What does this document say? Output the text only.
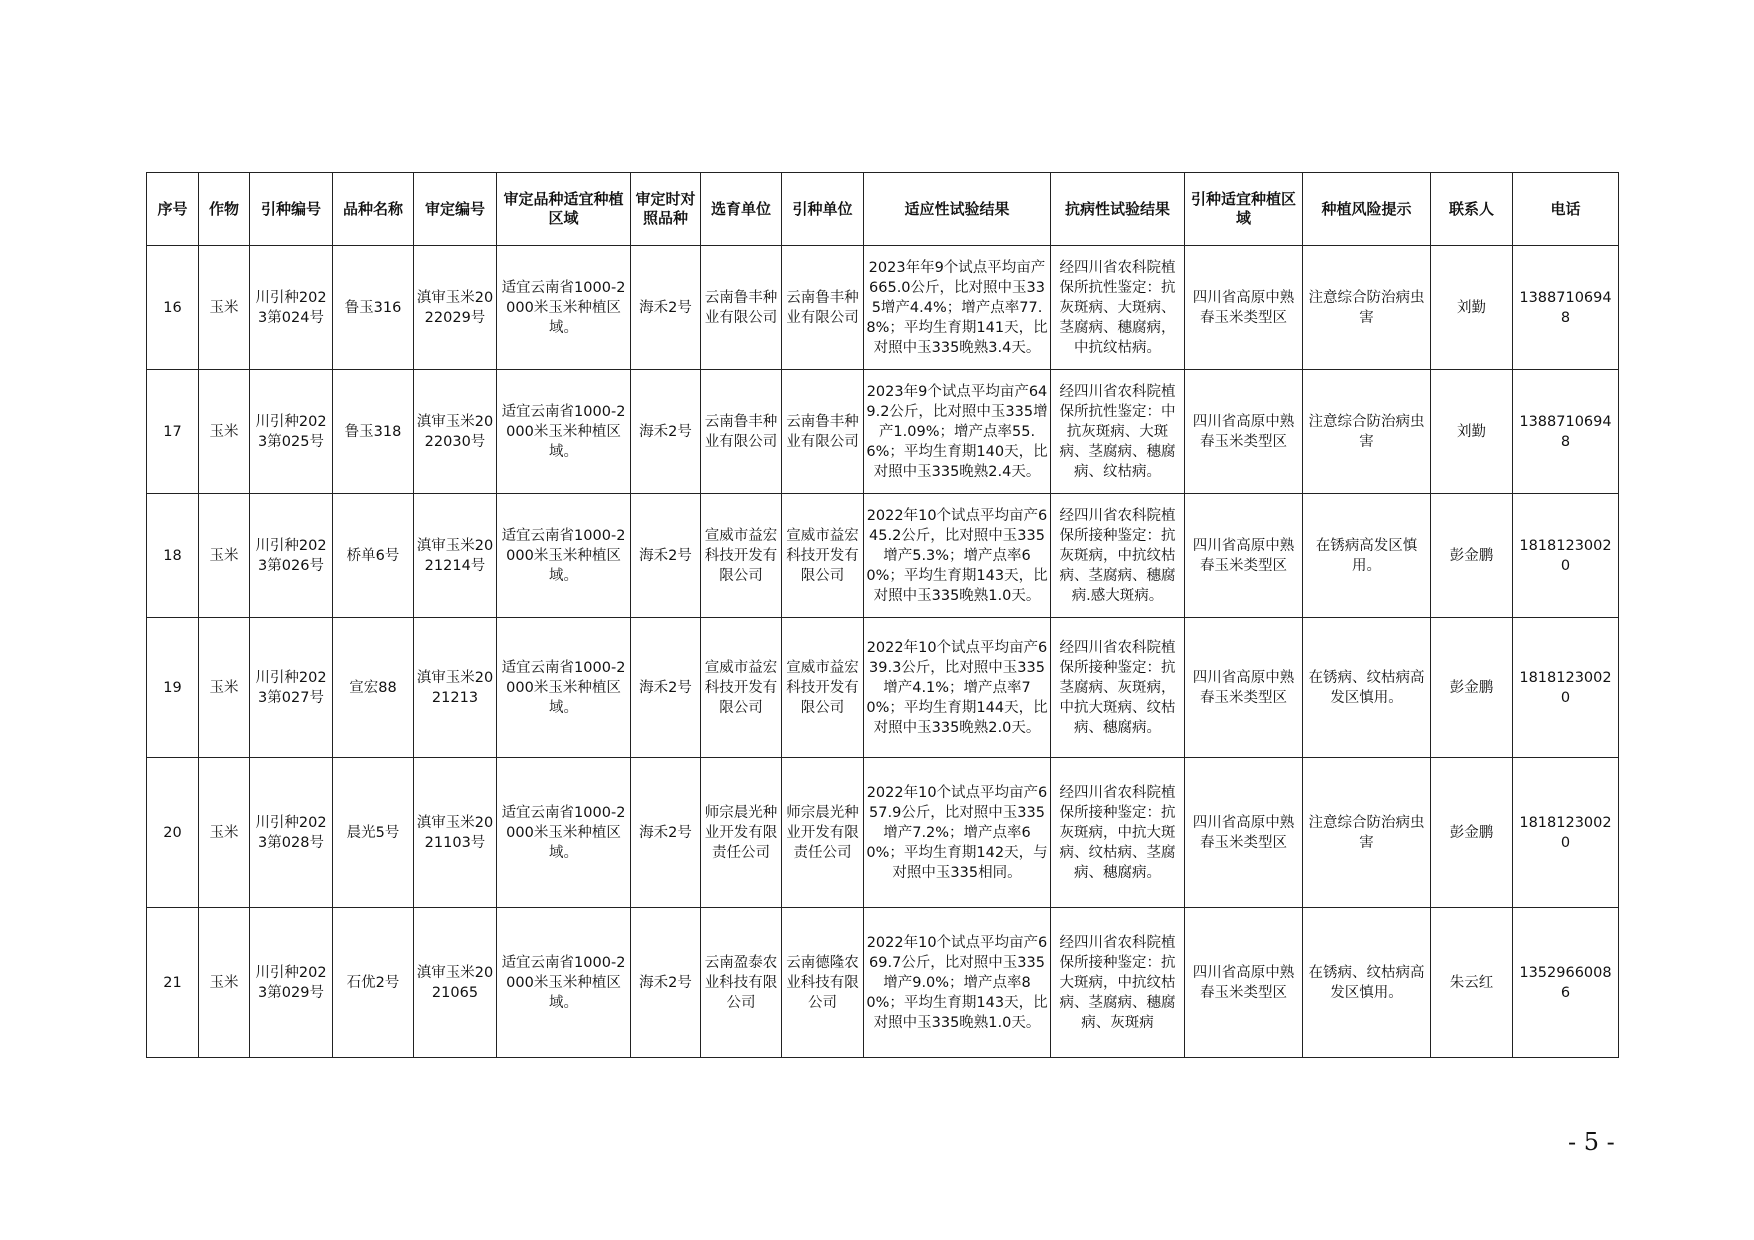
序号	作物	引种编号	品种名称	审定编号	审定品种适宜种植区域	审定时对照品种	选育单位	引种单位	适应性试验结果	抗病性试验结果	引种适宜种植区域	种植风险提示	联系人	电话
16	玉米	川引种2023第024号	鲁玉316	滇审玉米2022029号	适宜云南省1000-2000米玉米种植区域。	海禾2号	云南鲁丰种业有限公司	云南鲁丰种业有限公司	2023年年9个试点平均亩产665.0公斤，比对照中玉335增产4.4%；增产点率77.8%；平均生育期141天，比对照中玉335晚熟3.4天。	经四川省农科院植保所抗性鉴定：抗灰斑病、大斑病、茎腐病、穗腐病，中抗纹枯病。	四川省高原中熟春玉米类型区	注意综合防治病虫害	刘勤	13887106948
17	玉米	川引种2023第025号	鲁玉318	滇审玉米2022030号	适宜云南省1000-2000米玉米种植区域。	海禾2号	云南鲁丰种业有限公司	云南鲁丰种业有限公司	2023年9个试点平均亩产649.2公斤，比对照中玉335增产1.09%；增产点率55.6%；平均生育期140天，比对照中玉335晚熟2.4天。	经四川省农科院植保所抗性鉴定：中抗灰斑病、大斑病、茎腐病、穗腐病、纹枯病。	四川省高原中熟春玉米类型区	注意综合防治病虫害	刘勤	13887106948
18	玉米	川引种2023第026号	桥单6号	滇审玉米2021214号	适宜云南省1000-2000米玉米种植区域。	海禾2号	宣威市益宏科技开发有限公司	宣威市益宏科技开发有限公司	2022年10个试点平均亩产645.2公斤，比对照中玉335增产5.3%；增产点率60%；平均生育期143天，比对照中玉335晚熟1.0天。	经四川省农科院植保所接种鉴定：抗灰斑病，中抗纹枯病、茎腐病、穗腐病.感大斑病。	四川省高原中熟春玉米类型区	在锈病高发区慎用。	彭金鹏	18181230020
19	玉米	川引种2023第027号	宣宏88	滇审玉米2021213	适宜云南省1000-2000米玉米种植区域。	海禾2号	宣威市益宏科技开发有限公司	宣威市益宏科技开发有限公司	2022年10个试点平均亩产639.3公斤，比对照中玉335增产4.1%；增产点率70%；平均生育期144天，比对照中玉335晚熟2.0天。	经四川省农科院植保所接种鉴定：抗茎腐病、灰斑病，中抗大斑病、纹枯病、穗腐病。	四川省高原中熟春玉米类型区	在锈病、纹枯病高发区慎用。	彭金鹏	18181230020
20	玉米	川引种2023第028号	晨光5号	滇审玉米2021103号	适宜云南省1000-2000米玉米种植区域。	海禾2号	师宗晨光种业开发有限责任公司	师宗晨光种业开发有限责任公司	2022年10个试点平均亩产657.9公斤，比对照中玉335增产7.2%；增产点率60%；平均生育期142天，与对照中玉335相同。	经四川省农科院植保所接种鉴定：抗灰斑病，中抗大斑病、纹枯病、茎腐病、穗腐病。	四川省高原中熟春玉米类型区	注意综合防治病虫害	彭金鹏	18181230020
21	玉米	川引种2023第029号	石优2号	滇审玉米2021065	适宜云南省1000-2000米玉米种植区域。	海禾2号	云南盈泰农业科技有限公司	云南德隆农业科技有限公司	2022年10个试点平均亩产669.7公斤，比对照中玉335增产9.0%；增产点率80%；平均生育期143天，比对照中玉335晚熟1.0天。	经四川省农科院植保所接种鉴定：抗大斑病，中抗纹枯病、茎腐病、穗腐病、灰斑病	四川省高原中熟春玉米类型区	在锈病、纹枯病高发区慎用。	朱云红	13529660086
- 5 -
